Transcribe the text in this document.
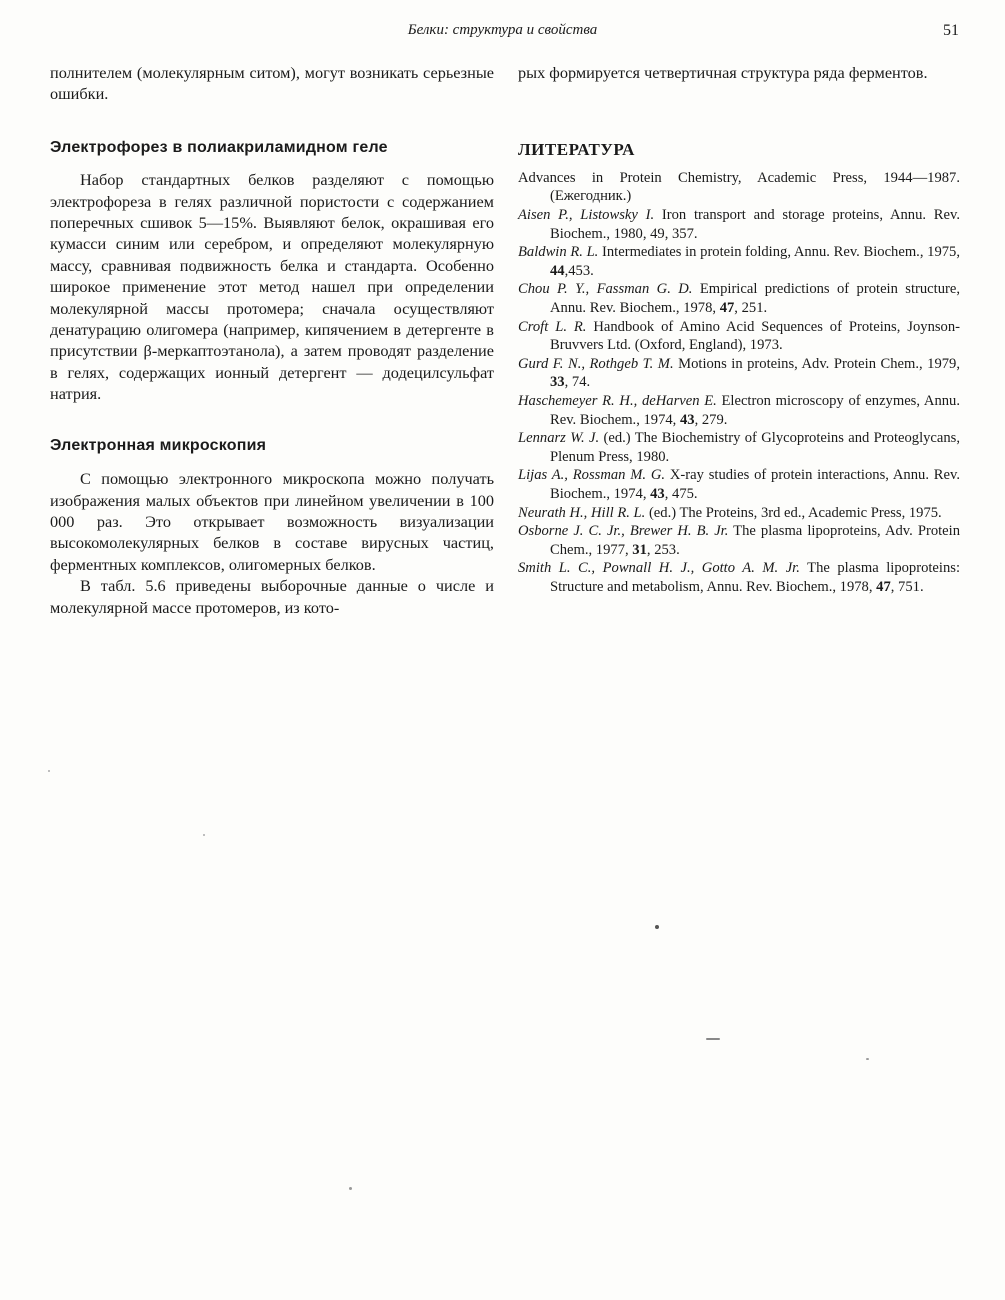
Белки: структура и свойства	51

полнителем (молекулярным ситом), могут возникать серьезные ошибки.

Электрофорез в полиакриламидном геле

Набор стандартных белков разделяют с помощью электрофореза в гелях различной пористости с содержанием поперечных сшивок 5—15%. Выявляют белок, окрашивая его кумасси синим или серебром, и определяют молекулярную массу, сравнивая подвижность белка и стандарта. Особенно широкое применение этот метод нашел при определении молекулярной массы протомера; сначала осуществляют денатурацию олигомера (например, кипячением в детергенте в присутствии β-меркаптоэтанола), а затем проводят разделение в гелях, содержащих ионный детергент — додецилсульфат натрия.

Электронная микроскопия

С помощью электронного микроскопа можно получать изображения малых объектов при линейном увеличении в 100 000 раз. Это открывает возможность визуализации высокомолекулярных белков в составе вирусных частиц, ферментных комплексов, олигомерных белков.

В табл. 5.6 приведены выборочные данные о числе и молекулярной массе протомеров, из кото-

рых формируется четвертичная структура ряда ферментов.

ЛИТЕРАТУРА
Advances in Protein Chemistry, Academic Press, 1944—1987. (Ежегодник.)
Aisen P., Listowsky I. Iron transport and storage proteins, Annu. Rev. Biochem., 1980, 49, 357.
Baldwin R. L. Intermediates in protein folding, Annu. Rev. Biochem., 1975, 44,453.
Chou P. Y., Fassman G. D. Empirical predictions of protein structure, Annu. Rev. Biochem., 1978, 47, 251.
Croft L. R. Handbook of Amino Acid Sequences of Proteins, Joynson-Bruvvers Ltd. (Oxford, England), 1973.
Gurd F. N., Rothgeb T. M. Motions in proteins, Adv. Protein Chem., 1979, 33, 74.
Haschemeyer R. H., deHarven E. Electron microscopy of enzymes, Annu. Rev. Biochem., 1974, 43, 279.
Lennarz W. J. (ed.) The Biochemistry of Glycoproteins and Proteoglycans, Plenum Press, 1980.
Lijas A., Rossman M. G. X-ray studies of protein interactions, Annu. Rev. Biochem., 1974, 43, 475.
Neurath H., Hill R. L. (ed.) The Proteins, 3rd ed., Academic Press, 1975.
Osborne J. C. Jr., Brewer H. B. Jr. The plasma lipoproteins, Adv. Protein Chem., 1977, 31, 253.
Smith L. C., Pownall H. J., Gotto A. M. Jr. The plasma lipoproteins: Structure and metabolism, Annu. Rev. Biochem., 1978, 47, 751.
